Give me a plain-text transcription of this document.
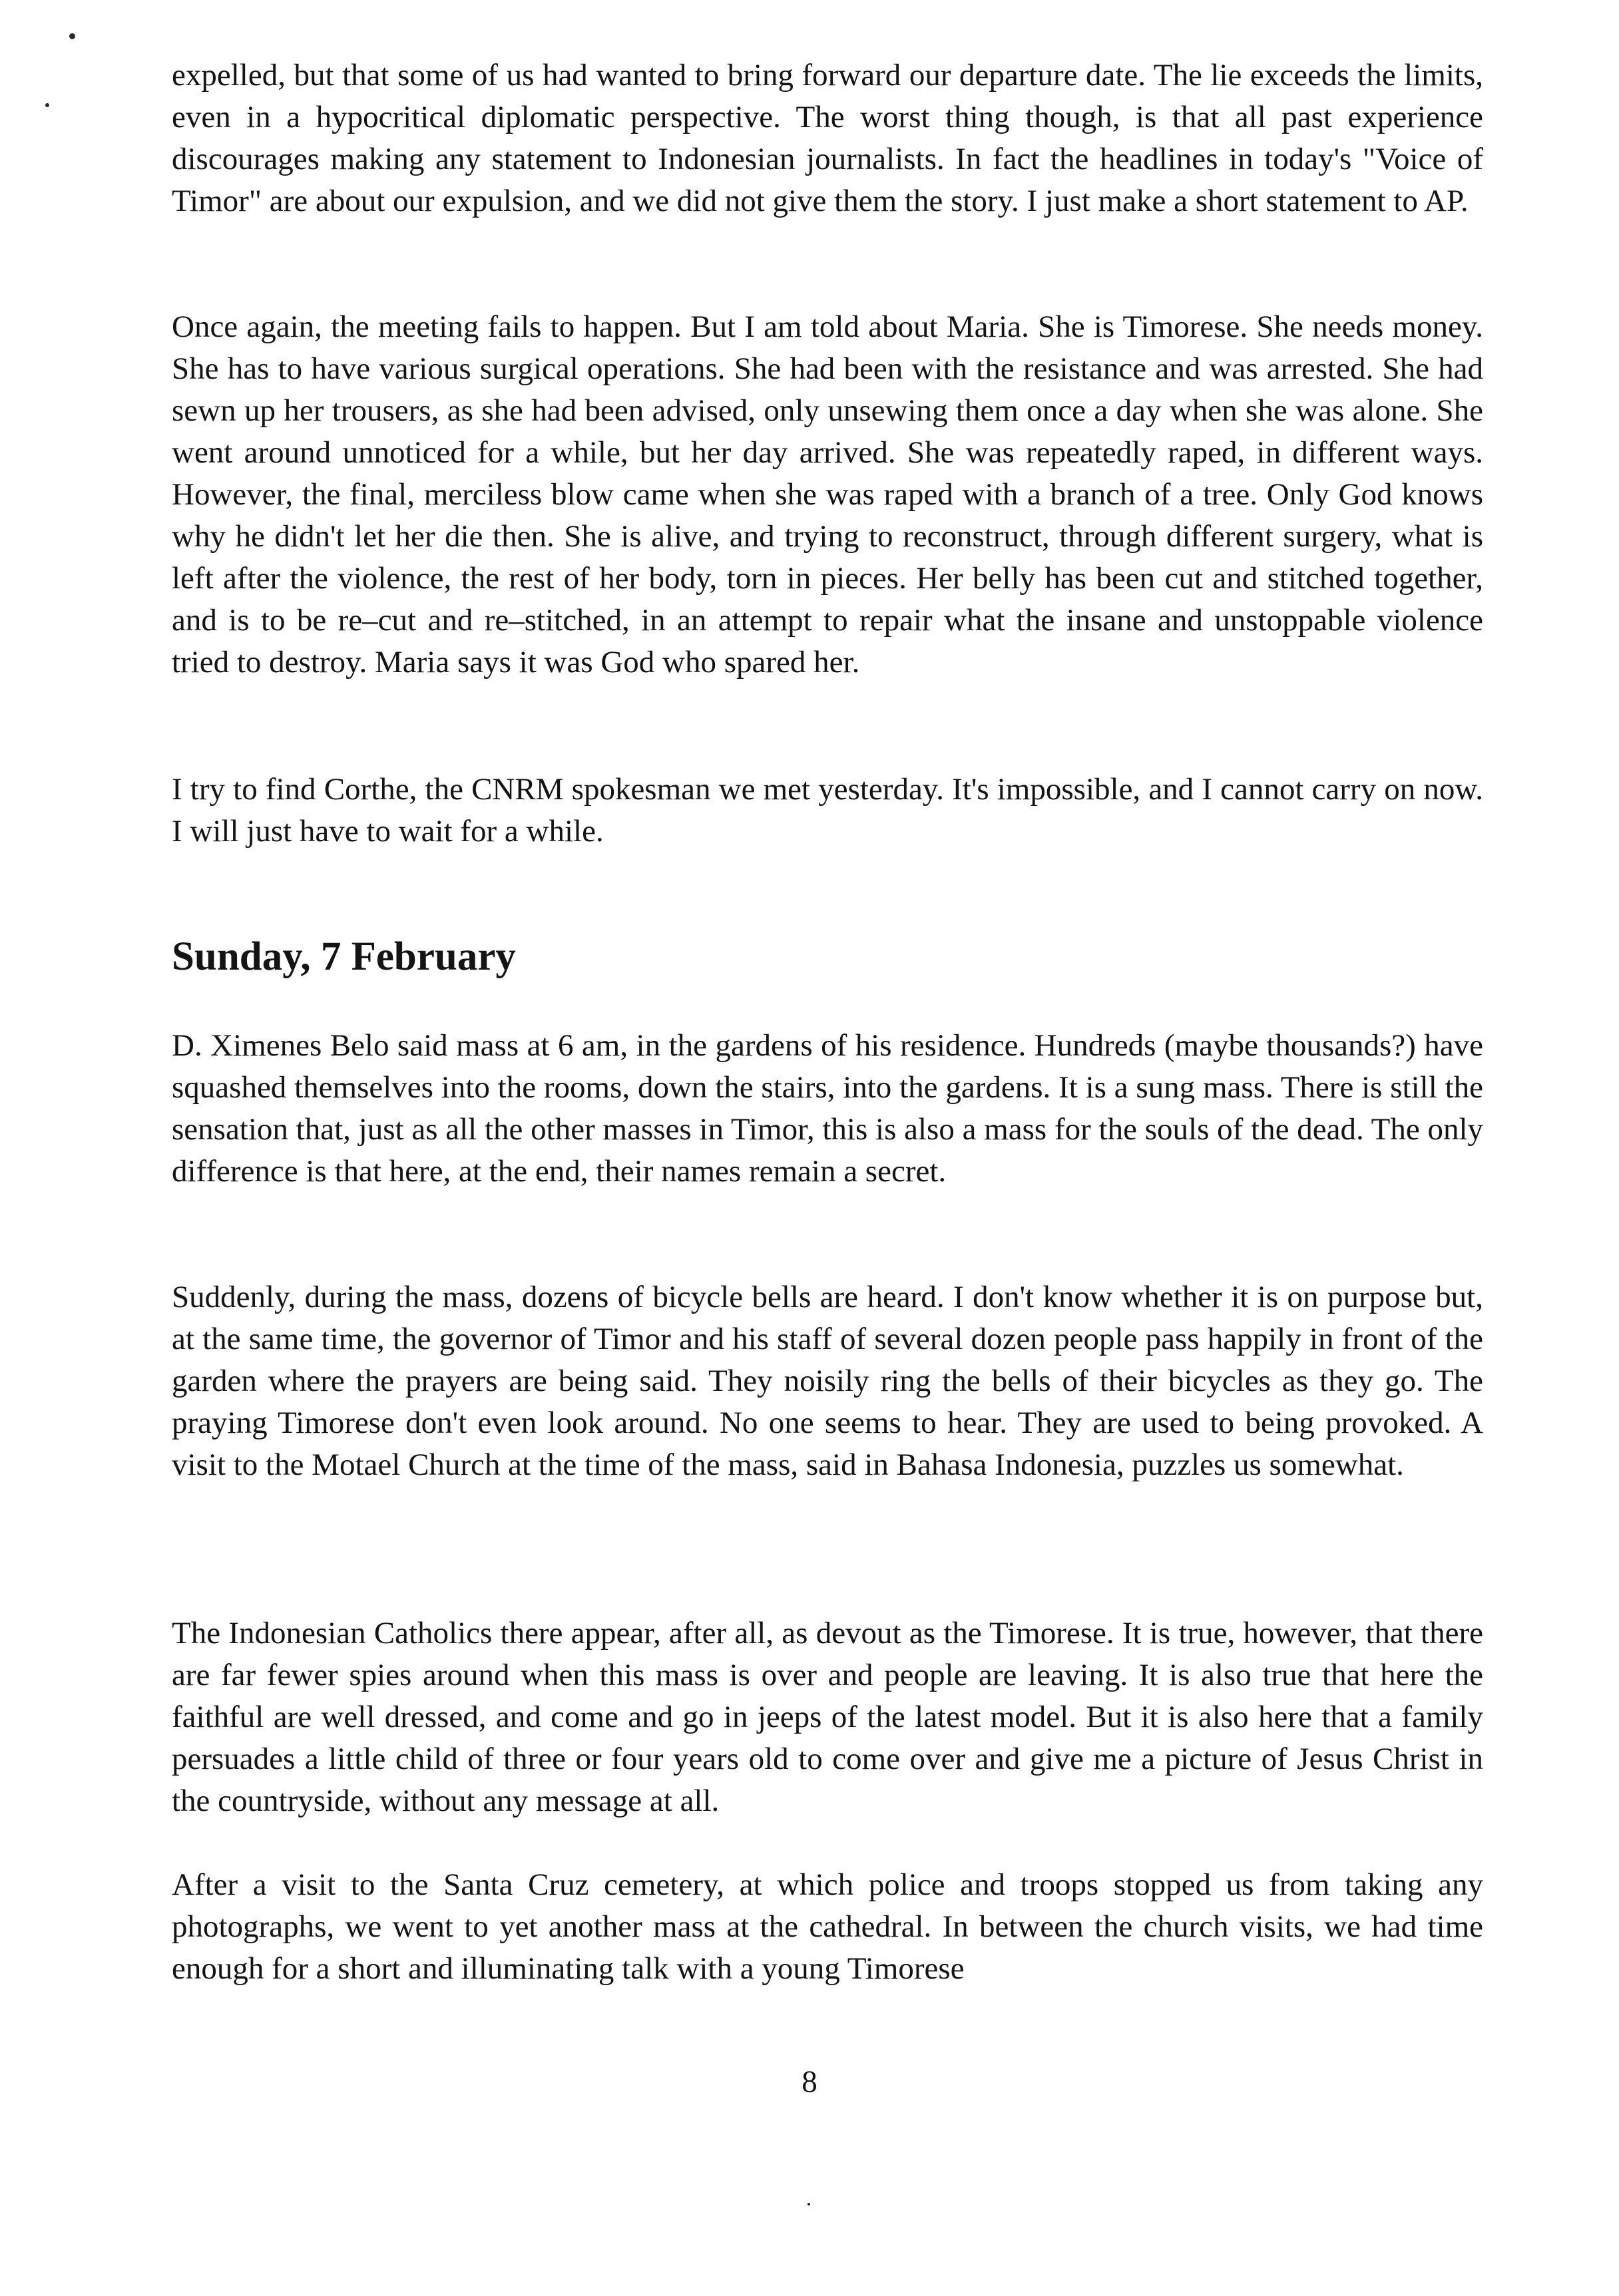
expelled, but that some of us had wanted to bring forward our departure date. The lie exceeds the limits, even in a hypocritical diplomatic perspective. The worst thing though, is that all past experience discourages making any statement to Indonesian journalists. In fact the headlines in today's "Voice of Timor" are about our expulsion, and we did not give them the story. I just make a short statement to AP.

Once again, the meeting fails to happen. But I am told about Maria. She is Timorese. She needs money. She has to have various surgical operations. She had been with the resistance and was arrested. She had sewn up her trousers, as she had been advised, only unsewing them once a day when she was alone. She went around unnoticed for a while, but her day arrived. She was repeatedly raped, in different ways. However, the final, merciless blow came when she was raped with a branch of a tree. Only God knows why he didn't let her die then. She is alive, and trying to reconstruct, through different surgery, what is left after the violence, the rest of her body, torn in pieces. Her belly has been cut and stitched together, and is to be re–cut and re–stitched, in an attempt to repair what the insane and unstoppable violence tried to destroy. Maria says it was God who spared her.

I try to find Corthe, the CNRM spokesman we met yesterday. It's impossible, and I cannot carry on now. I will just have to wait for a while.

Sunday, 7 February

D. Ximenes Belo said mass at 6 am, in the gardens of his residence. Hundreds (maybe thousands?) have squashed themselves into the rooms, down the stairs, into the gardens. It is a sung mass. There is still the sensation that, just as all the other masses in Timor, this is also a mass for the souls of the dead. The only difference is that here, at the end, their names remain a secret.

Suddenly, during the mass, dozens of bicycle bells are heard. I don't know whether it is on purpose but, at the same time, the governor of Timor and his staff of several dozen people pass happily in front of the garden where the prayers are being said. They noisily ring the bells of their bicycles as they go. The praying Timorese don't even look around. No one seems to hear. They are used to being provoked. A visit to the Motael Church at the time of the mass, said in Bahasa Indonesia, puzzles us somewhat.

The Indonesian Catholics there appear, after all, as devout as the Timorese. It is true, however, that there are far fewer spies around when this mass is over and people are leaving. It is also true that here the faithful are well dressed, and come and go in jeeps of the latest model. But it is also here that a family persuades a little child of three or four years old to come over and give me a picture of Jesus Christ in the countryside, without any message at all.

After a visit to the Santa Cruz cemetery, at which police and troops stopped us from taking any photographs, we went to yet another mass at the cathedral. In between the church visits, we had time enough for a short and illuminating talk with a young Timorese

8
